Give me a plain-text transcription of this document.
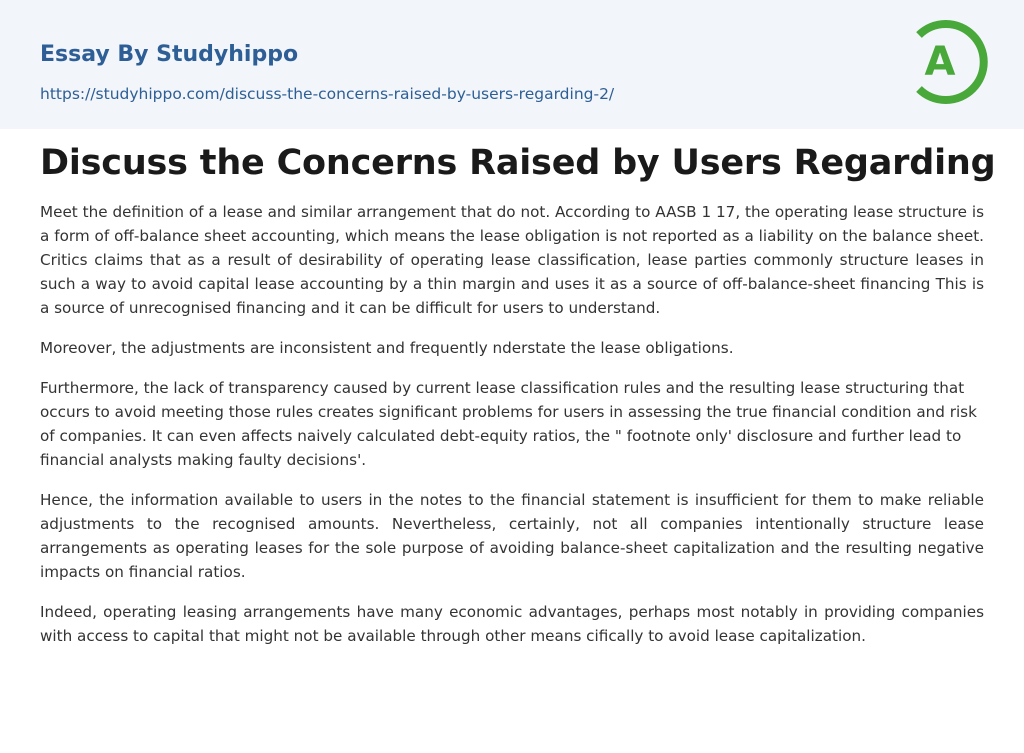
Essay By Studyhippo
https://studyhippo.com/discuss-the-concerns-raised-by-users-regarding-2/
A
Discuss the Concerns Raised by Users Regarding

Meet the definition of a lease and similar arrangement that do not. According to AASB 1 17, the operating lease structure is a form of off-balance sheet accounting, which means the lease obligation is not reported as a liability on the balance sheet. Critics claims that as a result of desirability of operating lease classification, lease parties commonly structure leases in such a way to avoid capital lease accounting by a thin margin and uses it as a source of off-balance-sheet financing This is a source of unrecognised financing and it can be difficult for users to understand.

Moreover, the adjustments are inconsistent and frequently nderstate the lease obligations.

Furthermore, the lack of transparency caused by current lease classification rules and the resulting lease structuring that occurs to avoid meeting those rules creates significant problems for users in assessing the true financial condition and risk of companies. It can even affects naively calculated debt-equity ratios, the " footnote only' disclosure and further lead to financial analysts making faulty decisions'.

Hence, the information available to users in the notes to the financial statement is insufficient for them to make reliable adjustments to the recognised amounts. Nevertheless, certainly, not all companies intentionally structure lease arrangements as operating leases for the sole purpose of avoiding balance-sheet capitalization and the resulting negative impacts on financial ratios.

Indeed, operating leasing arrangements have many economic advantages, perhaps most notably in providing companies with access to capital that might not be available through other means cifically to avoid lease capitalization.
